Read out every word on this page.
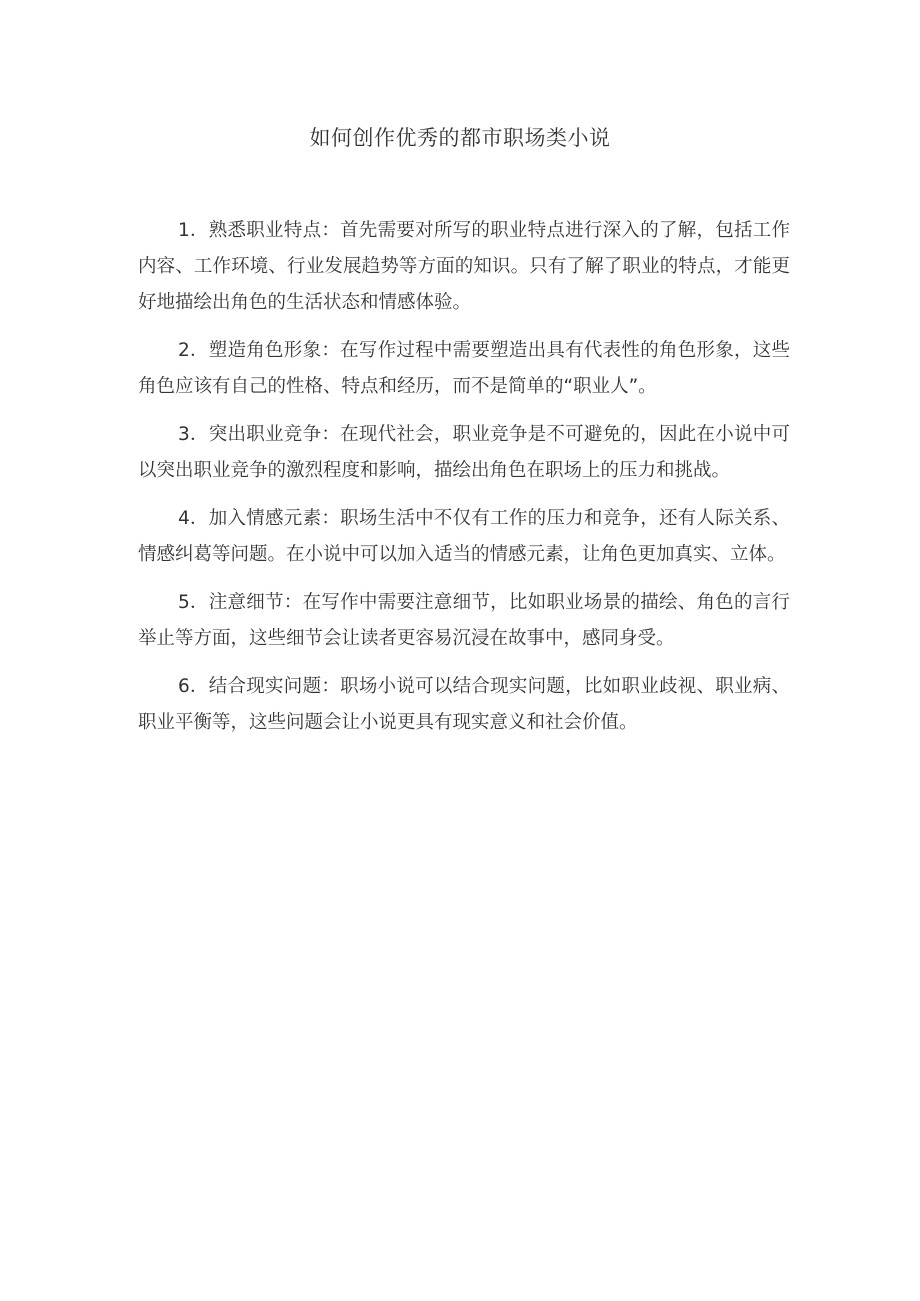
如何创作优秀的都市职场类小说

1．熟悉职业特点：首先需要对所写的职业特点进行深入的了解，包括工作内容、工作环境、行业发展趋势等方面的知识。只有了解了职业的特点，才能更好地描绘出角色的生活状态和情感体验。

2．塑造角色形象：在写作过程中需要塑造出具有代表性的角色形象，这些角色应该有自己的性格、特点和经历，而不是简单的“职业人”。

3．突出职业竞争：在现代社会，职业竞争是不可避免的，因此在小说中可以突出职业竞争的激烈程度和影响，描绘出角色在职场上的压力和挑战。

4．加入情感元素：职场生活中不仅有工作的压力和竞争，还有人际关系、情感纠葛等问题。在小说中可以加入适当的情感元素，让角色更加真实、立体。

5．注意细节：在写作中需要注意细节，比如职业场景的描绘、角色的言行举止等方面，这些细节会让读者更容易沉浸在故事中，感同身受。

6．结合现实问题：职场小说可以结合现实问题，比如职业歧视、职业病、职业平衡等，这些问题会让小说更具有现实意义和社会价值。
